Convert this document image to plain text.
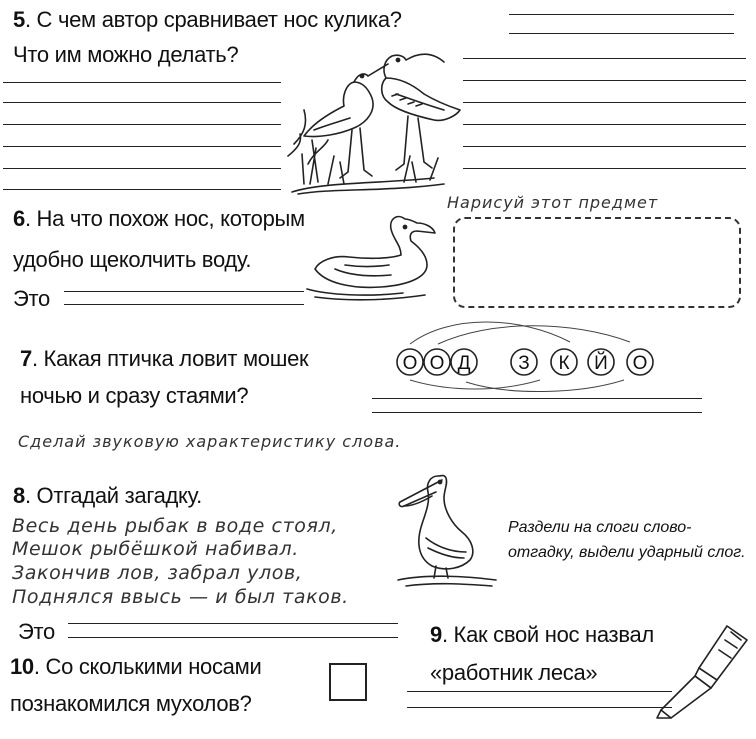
5. С чем автор сравнивает нос кулика?
Что им можно делать?
6. На что похож нос, которым
удобно щеколчить воду.
Это
Нарисуй этот предмет
7. Какая птичка ловит мошек
ночью и сразу стаями?
О О Д	З К Й О
Сделай звуковую характеристику слова.
8. Отгадай загадку.
Весь день рыбак в воде стоял,
Мешок рыбёшкой набивал.
Закончив лов, забрал улов,
Поднялся ввысь — и был таков.
Раздели на слоги слово-отгадку, выдели ударный слог.
Это	9. Как свой нос назвал
«работник леса»
10. Со сколькими носами
познакомился мухолов?
